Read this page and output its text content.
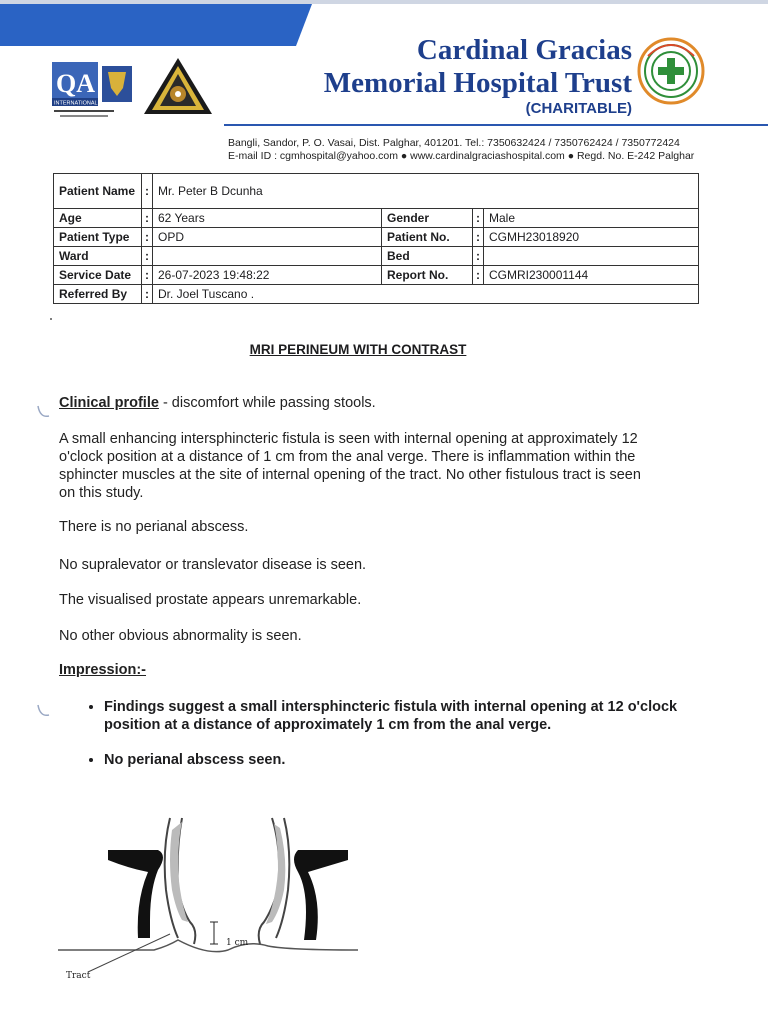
QA
INTERNATIONAL
Cardinal Gracias
Memorial Hospital Trust
(CHARITABLE)
Bangli, Sandor, P. O. Vasai, Dist. Palghar, 401201. Tel.: 7350632424 / 7350762424 / 7350772424
E-mail ID : cgmhospital@yahoo.com ● www.cardinalgraciashospital.com ● Regd. No. E-242 Palghar
Patient Name	:	Mr. Peter B Dcunha			
Age	:	62 Years	Gender	:	Male
Patient Type	:	OPD	Patient No.	:	CGMH23018920
Ward	:		Bed	:	
Service Date	:	26-07-2023 19:48:22	Report No.	:	CGMRI230001144
Referred By	:	Dr. Joel Tuscano .			
MRI PERINEUM WITH CONTRAST
Clinical profile - discomfort while passing stools.
A small enhancing intersphincteric fistula is seen with internal opening at approximately 12 o'clock position at a distance of 1 cm from the anal verge. There is inflammation within the sphincter muscles at the site of internal opening of the tract. No other fistulous tract is seen on this study.
There is no perianal abscess.
No supralevator or translevator disease is seen.
The visualised prostate appears unremarkable.
No other obvious abnormality is seen.
Impression:-
• Findings suggest a small intersphincteric fistula with internal opening at 12 o'clock position at a distance of approximately 1 cm from the anal verge.
• No perianal abscess seen.
Tract
1 cm
